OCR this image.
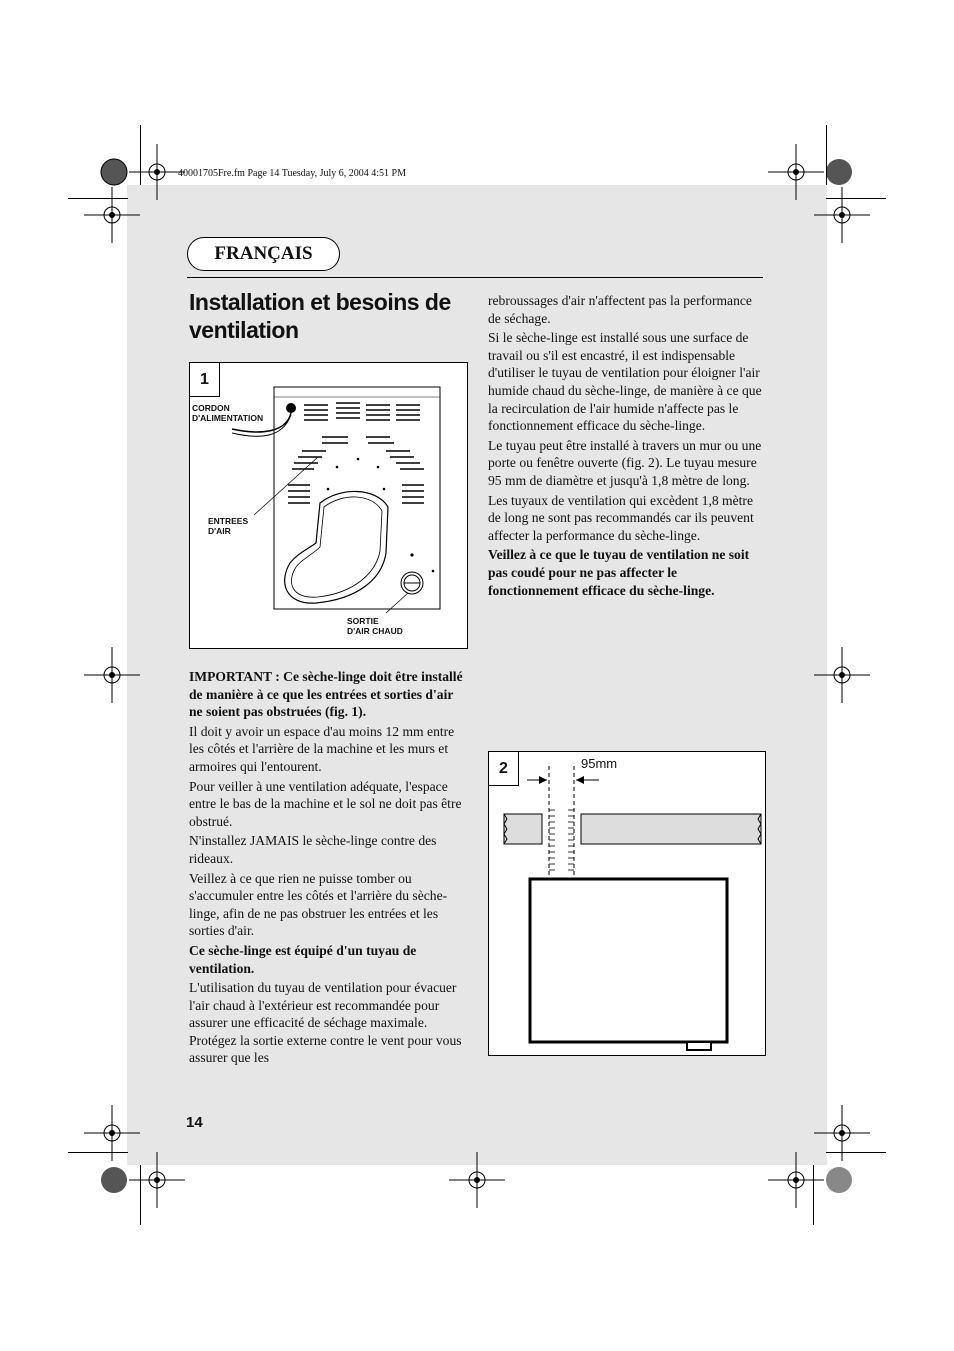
40001705Fre.fm Page 14 Tuesday, July 6, 2004 4:51 PM
FRANÇAIS
Installation et besoins de ventilation
1
CORDON
D'ALIMENTATION
ENTREES
D'AIR
SORTIE
D'AIR CHAUD

IMPORTANT : Ce sèche-linge doit être installé de manière à ce que les entrées et sorties d'air ne soient pas obstruées (fig. 1).

Il doit y avoir un espace d'au moins 12 mm entre les côtés et l'arrière de la machine et les murs et armoires qui l'entourent.

Pour veiller à une ventilation adéquate, l'espace entre le bas de la machine et le sol ne doit pas être obstrué.

N'installez JAMAIS le sèche-linge contre des rideaux.

Veillez à ce que rien ne puisse tomber ou s'accumuler entre les côtés et l'arrière du sèche-linge, afin de ne pas obstruer les entrées et les sorties d'air.

Ce sèche-linge est équipé d'un tuyau de ventilation.

L'utilisation du tuyau de ventilation pour évacuer l'air chaud à l'extérieur est recommandée pour assurer une efficacité de séchage maximale. Protégez la sortie externe contre le vent pour vous assurer que les

rebroussages d'air n'affectent pas la performance de séchage.

Si le sèche-linge est installé sous une surface de travail ou s'il est encastré, il est indispensable d'utiliser le tuyau de ventilation pour éloigner l'air humide chaud du sèche-linge, de manière à ce que la recirculation de l'air humide n'affecte pas le fonctionnement efficace du sèche-linge.

Le tuyau peut être installé à travers un mur ou une porte ou fenêtre ouverte (fig. 2). Le tuyau mesure 95 mm de diamètre et jusqu'à 1,8 mètre de long.

Les tuyaux de ventilation qui excèdent 1,8 mètre de long ne sont pas recommandés car ils peuvent affecter la performance du sèche-linge.

Veillez à ce que le tuyau de ventilation ne soit pas coudé pour ne pas affecter le fonctionnement efficace du sèche-linge.

2	95mm
14
